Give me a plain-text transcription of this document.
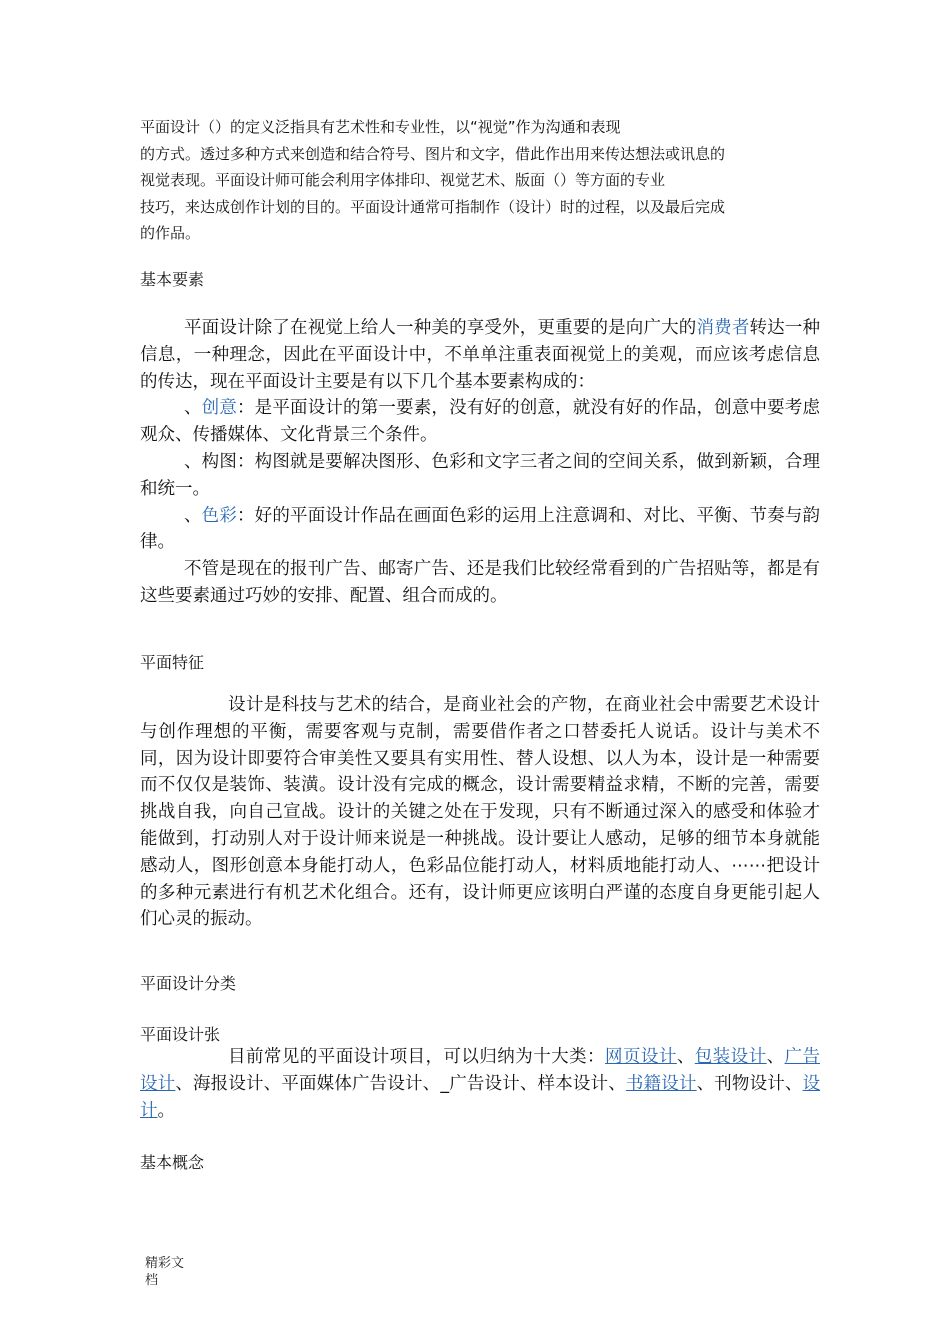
平面设计（）的定义泛指具有艺术性和专业性，以“视觉”作为沟通和表现
的方式。透过多种方式来创造和结合符号、图片和文字，借此作出用来传达想法或讯息的
视觉表现。平面设计师可能会利用字体排印、视觉艺术、版面（）等方面的专业
技巧，来达成创作计划的目的。平面设计通常可指制作（设计）时的过程，以及最后完成
的作品。
基本要素

平面设计除了在视觉上给人一种美的享受外，更重要的是向广大的消费者转达一种信息，一种理念，因此在平面设计中，不单单注重表面视觉上的美观，而应该考虑信息的传达，现在平面设计主要是有以下几个基本要素构成的：

、创意：是平面设计的第一要素，没有好的创意，就没有好的作品，创意中要考虑观众、传播媒体、文化背景三个条件。

、构图：构图就是要解决图形、色彩和文字三者之间的空间关系，做到新颖，合理和统一。

、色彩：好的平面设计作品在画面色彩的运用上注意调和、对比、平衡、节奏与韵律。

不管是现在的报刊广告、邮寄广告、还是我们比较经常看到的广告招贴等，都是有这些要素通过巧妙的安排、配置、组合而成的。

平面特征

设计是科技与艺术的结合，是商业社会的产物，在商业社会中需要艺术设计与创作理想的平衡，需要客观与克制，需要借作者之口替委托人说话。设计与美术不同，因为设计即要符合审美性又要具有实用性、替人设想、以人为本，设计是一种需要而不仅仅是装饰、装潢。设计没有完成的概念，设计需要精益求精，不断的完善，需要挑战自我，向自己宣战。设计的关键之处在于发现，只有不断通过深入的感受和体验才能做到，打动别人对于设计师来说是一种挑战。设计要让人感动，足够的细节本身就能感动人，图形创意本身能打动人，色彩品位能打动人，材料质地能打动人、⋯⋯把设计的多种元素进行有机艺术化组合。还有，设计师更应该明白严谨的态度自身更能引起人们心灵的振动。

平面设计分类
平面设计张

目前常见的平面设计项目，可以归纳为十大类：网页设计、包装设计、广告设计、海报设计、平面媒体广告设计、_广告设计、样本设计、书籍设计、刊物设计、设计。

基本概念
精彩文
档
